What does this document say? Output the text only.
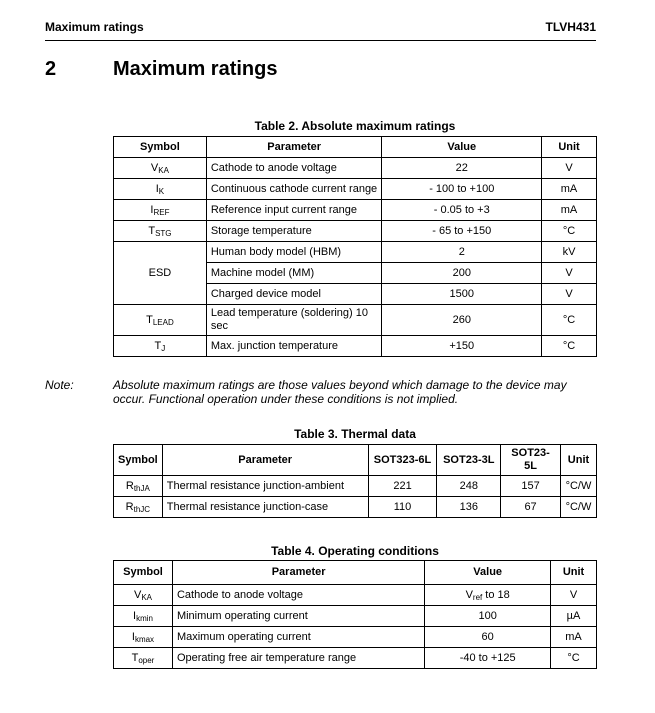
Maximum ratings	TLVH431
2	Maximum ratings
Table 2. Absolute maximum ratings
Symbol	Parameter	Value	Unit
$V_{KA}$	Cathode to anode voltage	22	V
$I_K$	Continuous cathode current range	- 100 to +100	mA
$I_{REF}$	Reference input current range	- 0.05 to +3	mA
$T_{STG}$	Storage temperature	- 65 to +150	°C
ESD	Human body model (HBM)	2	kV
	Machine model (MM)	200	V
	Charged device model	1500	V
$T_{LEAD}$	Lead temperature (soldering) 10 sec	260	°C
$T_J$	Max. junction temperature	+150	°C
Note:	Absolute maximum ratings are those values beyond which damage to the device may occur. Functional operation under these conditions is not implied.
Table 3. Thermal data
Symbol	Parameter	SOT323-6L	SOT23-3L	SOT23-5L	Unit
$R_{thJA}$	Thermal resistance junction-ambient	221	248	157	°C/W
$R_{thJC}$	Thermal resistance junction-case	110	136	67	°C/W
Table 4. Operating conditions
Symbol	Parameter	Value	Unit
$V_{KA}$	Cathode to anode voltage	$V_{ref}$ to 18	V
$I_{kmin}$	Minimum operating current	100	µA
$I_{kmax}$	Maximum operating current	60	mA
$T_{oper}$	Operating free air temperature range	-40 to +125	°C
